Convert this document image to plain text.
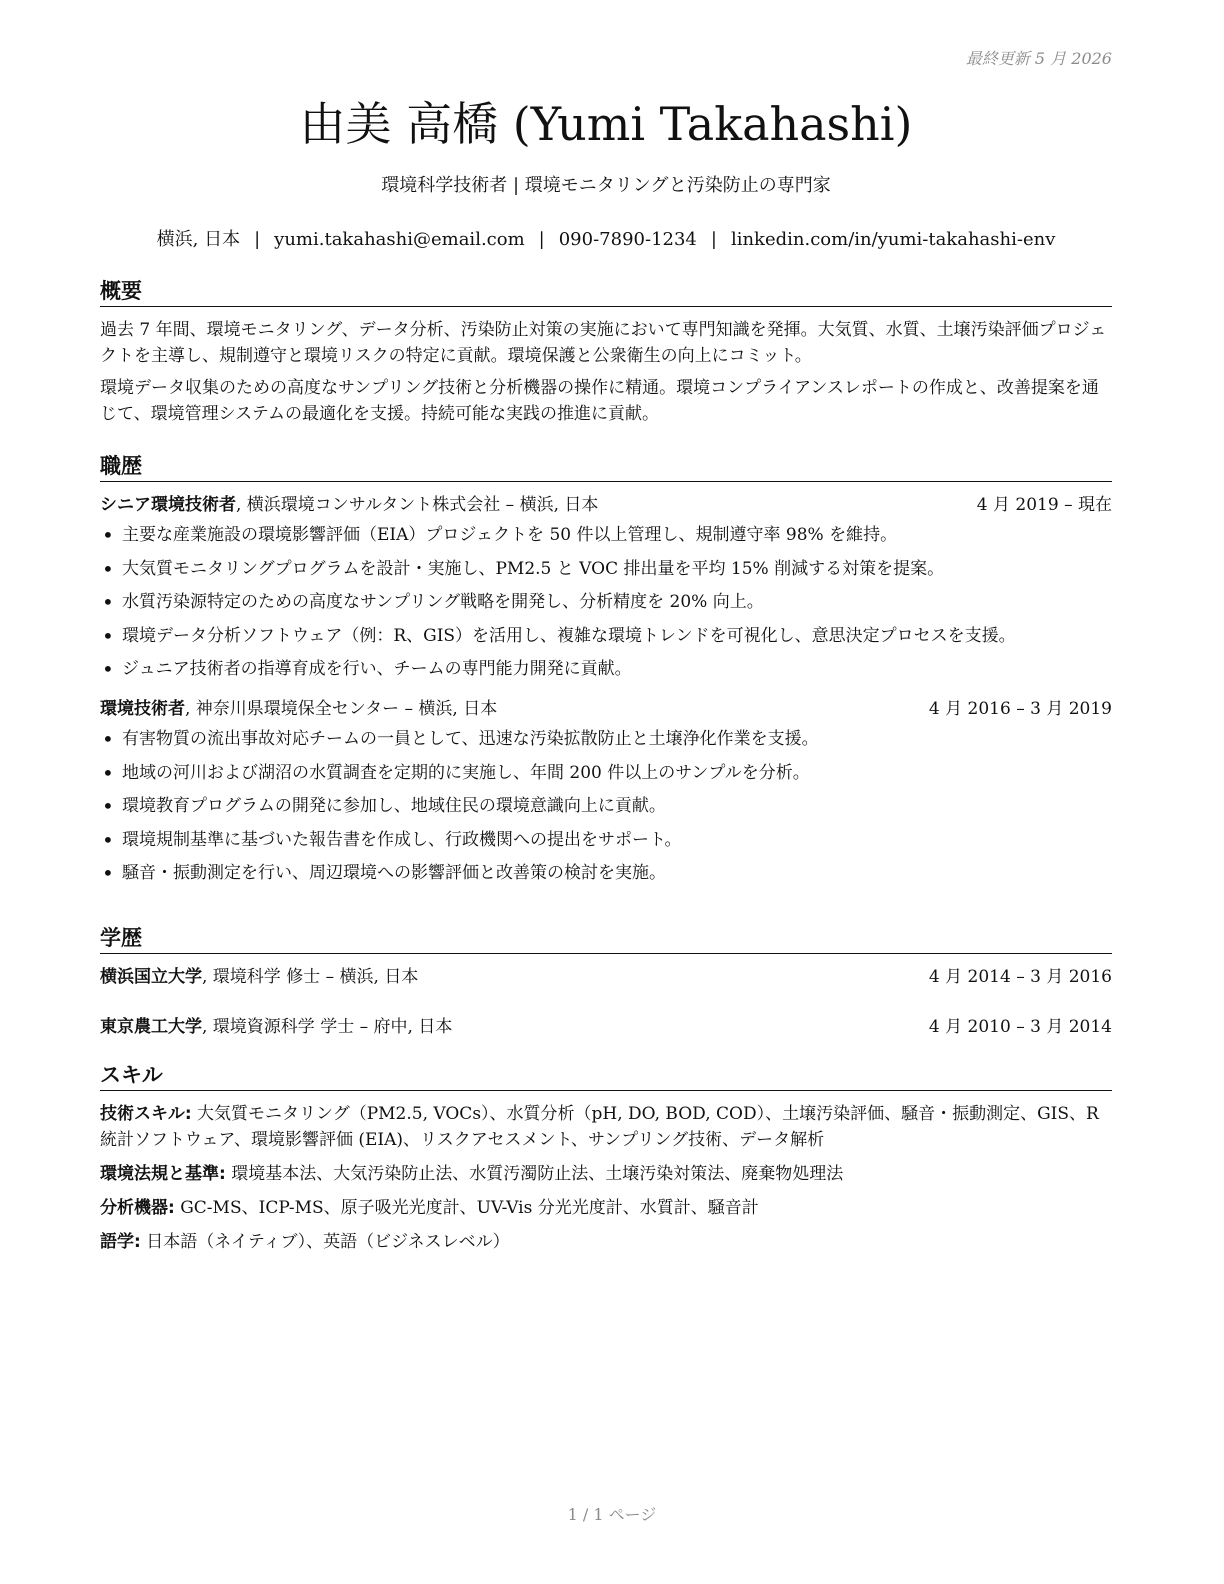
最終更新 5 月 2026
由美 高橋 (Yumi Takahashi)
環境科学技術者 | 環境モニタリングと汚染防止の専門家
横浜, 日本 | yumi.takahashi@email.com | 090-7890-1234 | linkedin.com/in/yumi-takahashi-env
概要

過去 7 年間、環境モニタリング、データ分析、汚染防止対策の実施において専門知識を発揮。大気質、水質、土壌汚染評価プロジェクトを主導し、規制遵守と環境リスクの特定に貢献。環境保護と公衆衛生の向上にコミット。

環境データ収集のための高度なサンプリング技術と分析機器の操作に精通。環境コンプライアンスレポートの作成と、改善提案を通じて、環境管理システムの最適化を支援。持続可能な実践の推進に貢献。

職歴
シニア環境技術者, 横浜環境コンサルタント株式会社 – 横浜, 日本	4 月 2019 – 現在
• 主要な産業施設の環境影響評価（EIA）プロジェクトを 50 件以上管理し、規制遵守率 98% を維持。
• 大気質モニタリングプログラムを設計・実施し、PM2.5 と VOC 排出量を平均 15% 削減する対策を提案。
• 水質汚染源特定のための高度なサンプリング戦略を開発し、分析精度を 20% 向上。
• 環境データ分析ソフトウェア（例：R、GIS）を活用し、複雑な環境トレンドを可視化し、意思決定プロセスを支援。
• ジュニア技術者の指導育成を行い、チームの専門能力開発に貢献。
環境技術者, 神奈川県環境保全センター – 横浜, 日本	4 月 2016 – 3 月 2019
• 有害物質の流出事故対応チームの一員として、迅速な汚染拡散防止と土壌浄化作業を支援。
• 地域の河川および湖沼の水質調査を定期的に実施し、年間 200 件以上のサンプルを分析。
• 環境教育プログラムの開発に参加し、地域住民の環境意識向上に貢献。
• 環境規制基準に基づいた報告書を作成し、行政機関への提出をサポート。
• 騒音・振動測定を行い、周辺環境への影響評価と改善策の検討を実施。
学歴
横浜国立大学, 環境科学 修士 – 横浜, 日本	4 月 2014 – 3 月 2016
東京農工大学, 環境資源科学 学士 – 府中, 日本	4 月 2010 – 3 月 2014
スキル
技術スキル: 大気質モニタリング（PM2.5, VOCs）、水質分析（pH, DO, BOD, COD）、土壌汚染評価、騒音・振動測定、GIS、R 統計ソフトウェア、環境影響評価 (EIA)、リスクアセスメント、サンプリング技術、データ解析
環境法規と基準: 環境基本法、大気汚染防止法、水質汚濁防止法、土壌汚染対策法、廃棄物処理法
分析機器: GC-MS、ICP-MS、原子吸光光度計、UV-Vis 分光光度計、水質計、騒音計
語学: 日本語（ネイティブ）、英語（ビジネスレベル）
1 / 1 ページ
